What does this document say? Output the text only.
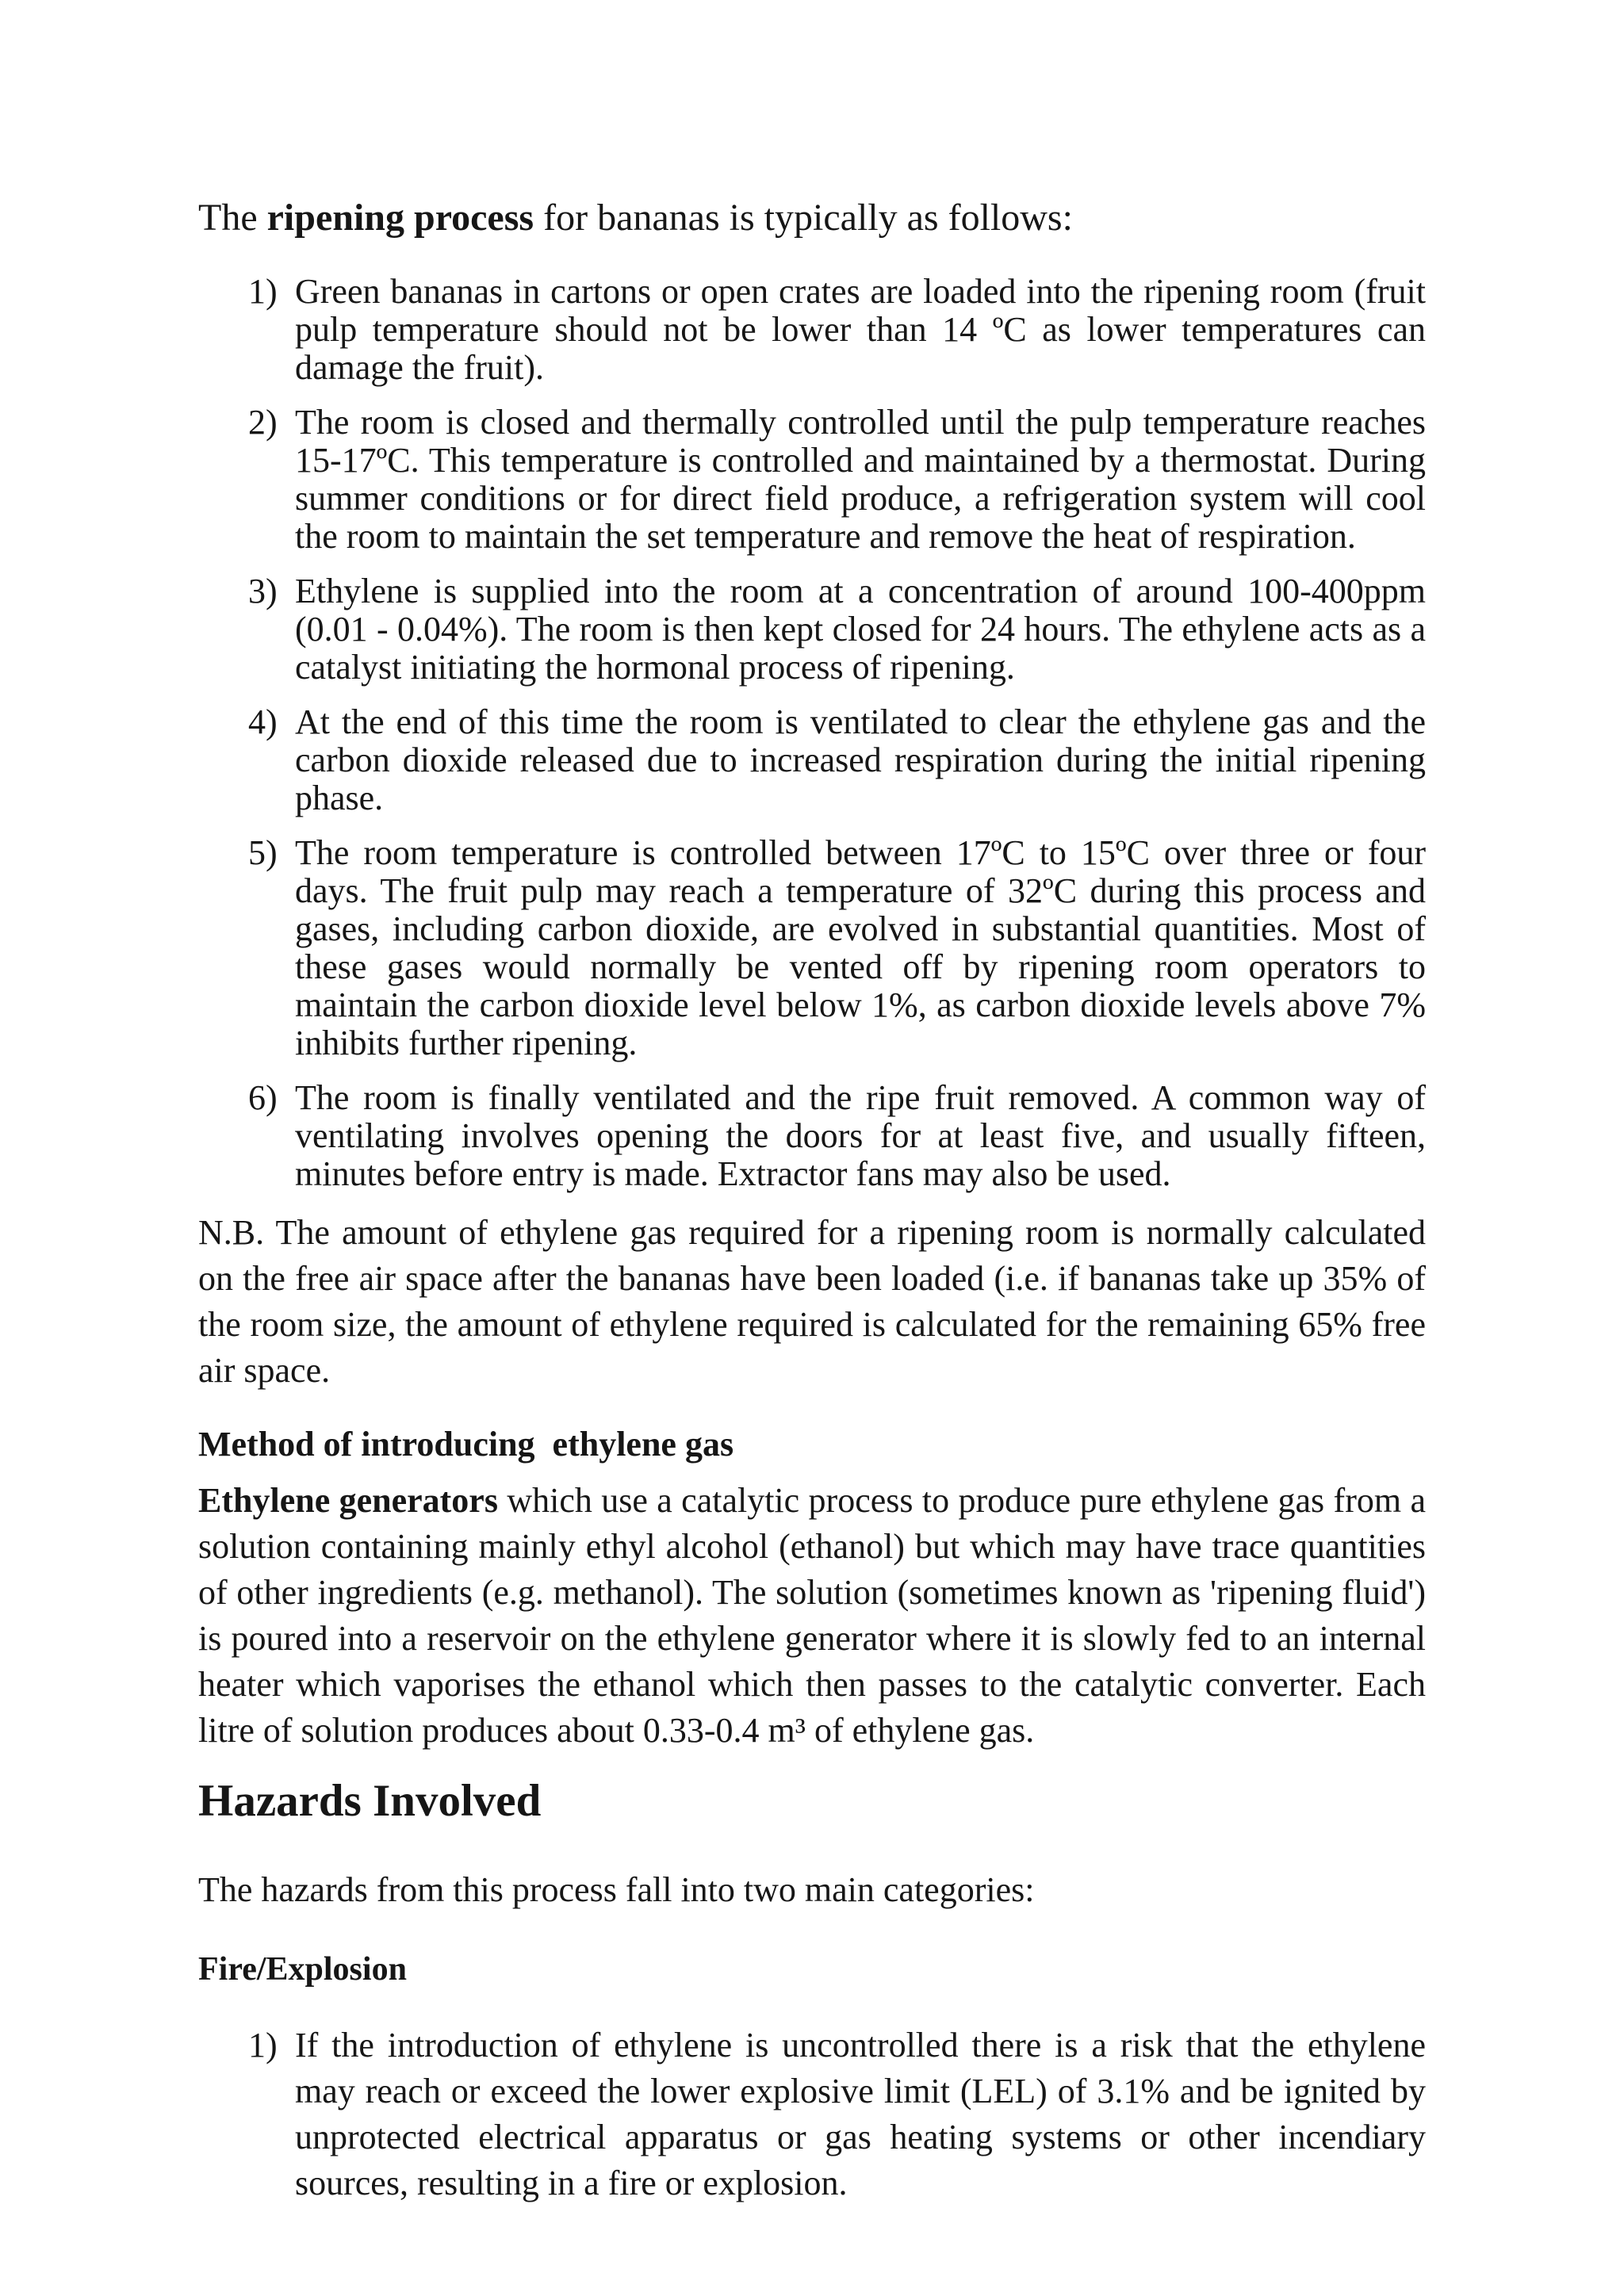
The ripening process for bananas is typically as follows:
1) Green bananas in cartons or open crates are loaded into the ripening room (fruit pulp temperature should not be lower than 14 ºC as lower temperatures can damage the fruit).
2) The room is closed and thermally controlled until the pulp temperature reaches 15-17ºC. This temperature is controlled and maintained by a thermostat. During summer conditions or for direct field produce, a refrigeration system will cool the room to maintain the set temperature and remove the heat of respiration.
3) Ethylene is supplied into the room at a concentration of around 100-400ppm (0.01 - 0.04%). The room is then kept closed for 24 hours. The ethylene acts as a catalyst initiating the hormonal process of ripening.
4) At the end of this time the room is ventilated to clear the ethylene gas and the carbon dioxide released due to increased respiration during the initial ripening phase.
5) The room temperature is controlled between 17ºC to 15ºC over three or four days. The fruit pulp may reach a temperature of 32ºC during this process and gases, including carbon dioxide, are evolved in substantial quantities. Most of these gases would normally be vented off by ripening room operators to maintain the carbon dioxide level below 1%, as carbon dioxide levels above 7% inhibits further ripening.
6) The room is finally ventilated and the ripe fruit removed. A common way of ventilating involves opening the doors for at least five, and usually fifteen, minutes before entry is made. Extractor fans may also be used.

N.B. The amount of ethylene gas required for a ripening room is normally calculated on the free air space after the bananas have been loaded (i.e. if bananas take up 35% of the room size, the amount of ethylene required is calculated for the remaining 65% free air space.

Method of introducing  ethylene gas

Ethylene generators which use a catalytic process to produce pure ethylene gas from a solution containing mainly ethyl alcohol (ethanol) but which may have trace quantities of other ingredients (e.g. methanol). The solution (sometimes known as 'ripening fluid') is poured into a reservoir on the ethylene generator where it is slowly fed to an internal heater which vaporises the ethanol which then passes to the catalytic converter. Each litre of solution produces about 0.33-0.4 m³ of ethylene gas.

Hazards Involved

The hazards from this process fall into two main categories:

Fire/Explosion
1) If the introduction of ethylene is uncontrolled there is a risk that the ethylene may reach or exceed the lower explosive limit (LEL) of 3.1% and be ignited by unprotected electrical apparatus or gas heating systems or other incendiary sources, resulting in a fire or explosion.
